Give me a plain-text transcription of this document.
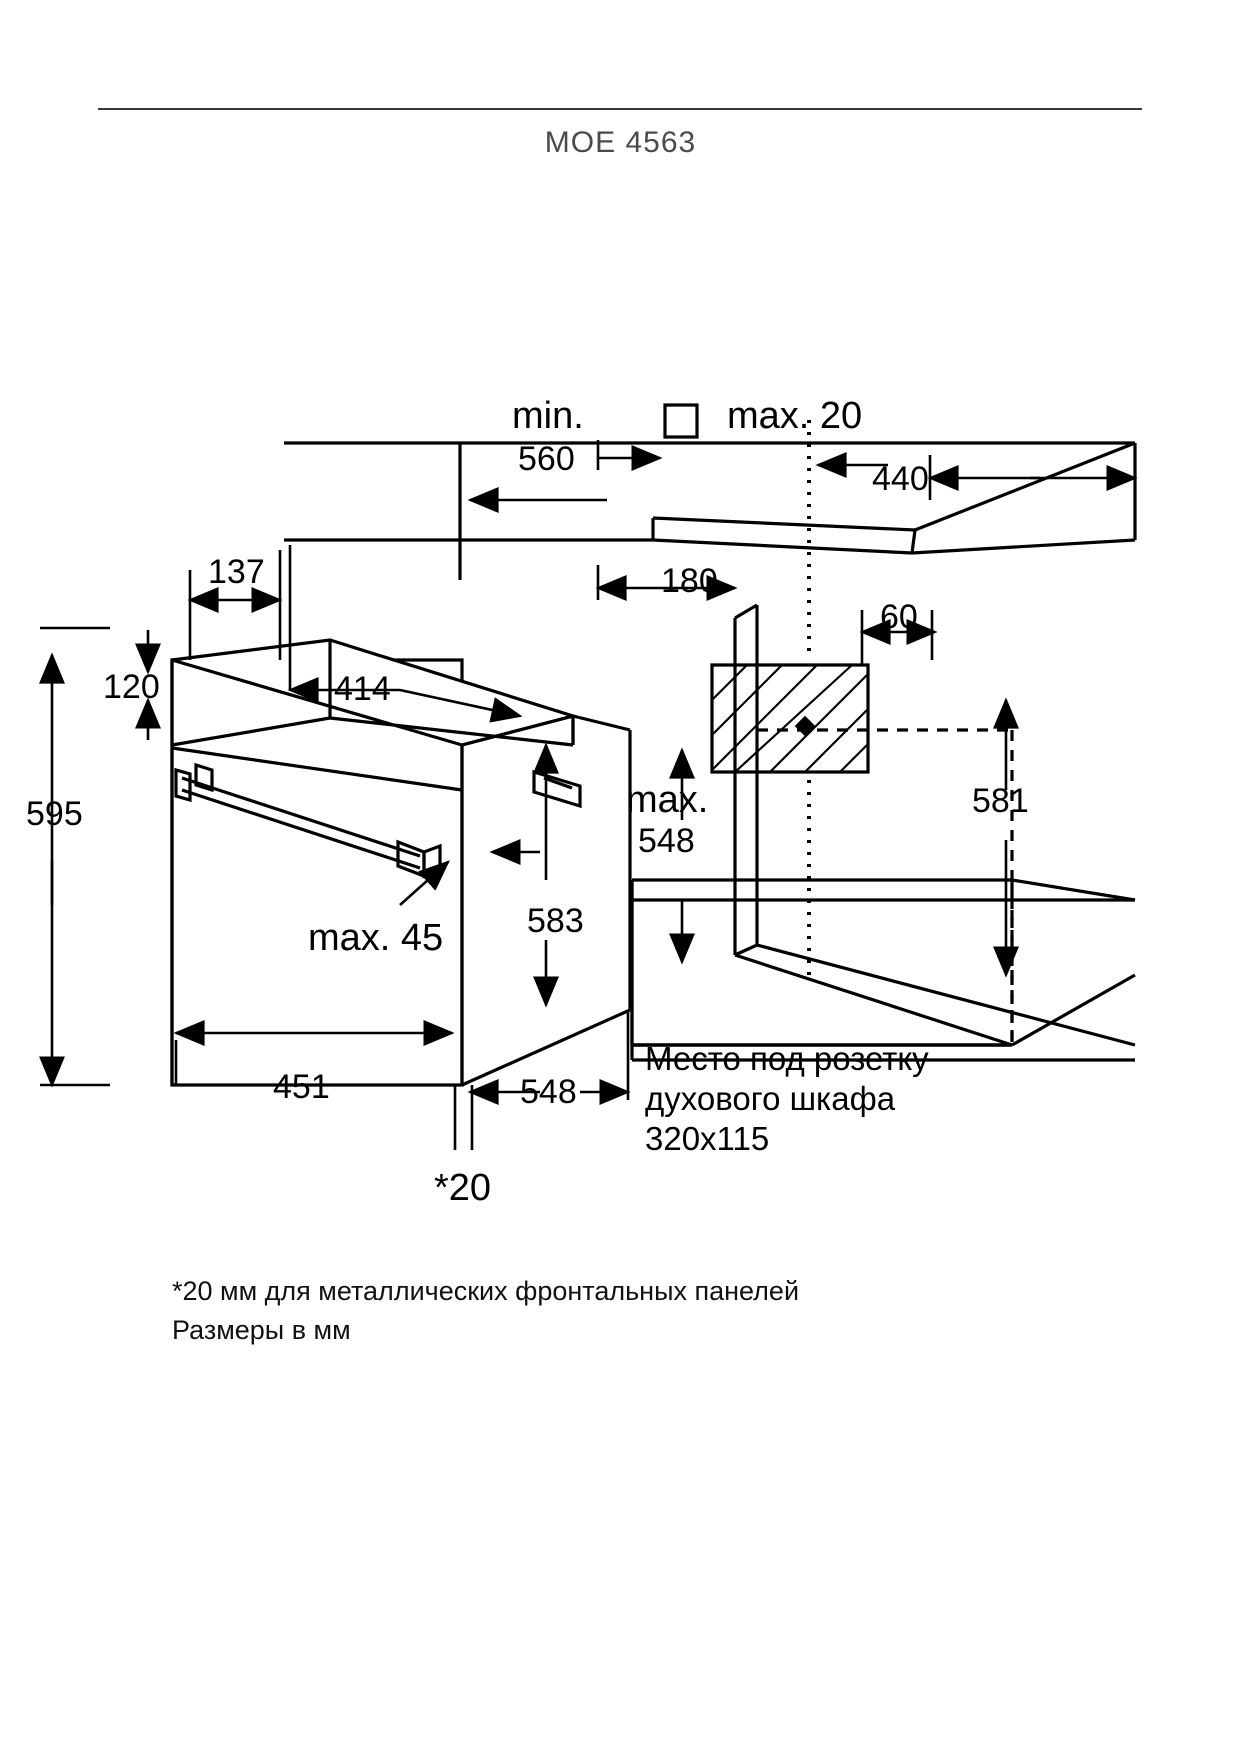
MOE 4563
min.
560
max. 20
440
137
120	414
180
60
595
583
581
max.
548
max. 45
451	548
*20
Место под розетку
духового шкафа
320х115
*20 мм для металлических фронтальных панелей
Размеры в мм
